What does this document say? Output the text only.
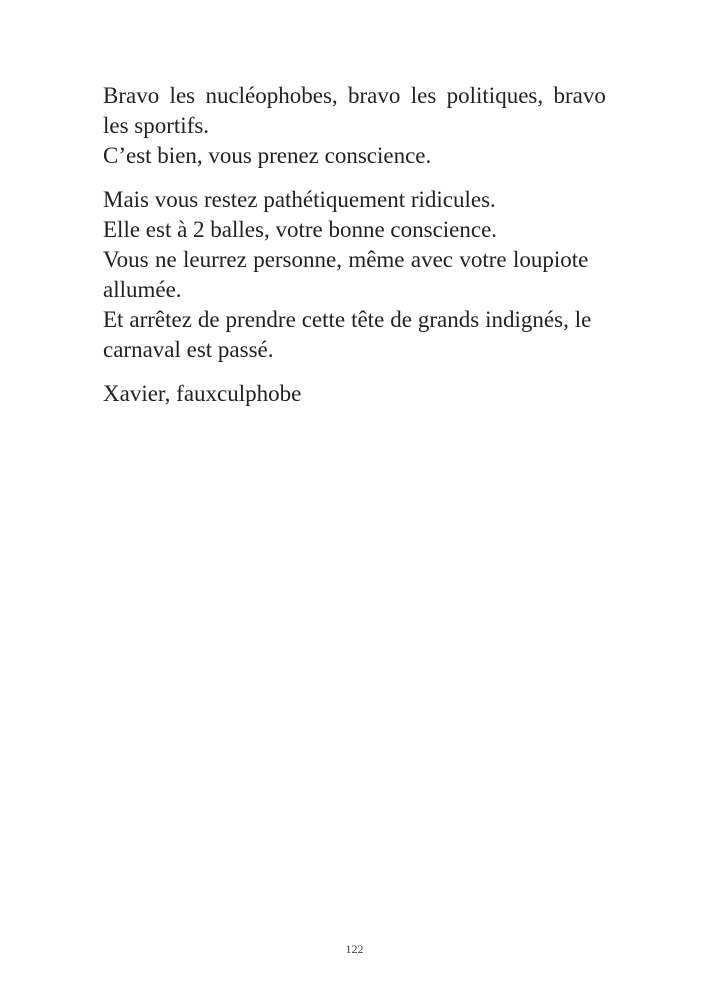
Bravo les nucléophobes, bravo les politiques, bravo
les sportifs.
C’est bien, vous prenez conscience.
Mais vous restez pathétiquement ridicules.
Elle est à 2 balles, votre bonne conscience.
Vous ne leurrez personne, même avec votre loupiote
allumée.
Et arrêtez de prendre cette tête de grands indignés, le
carnaval est passé.

Xavier, fauxculphobe

122
